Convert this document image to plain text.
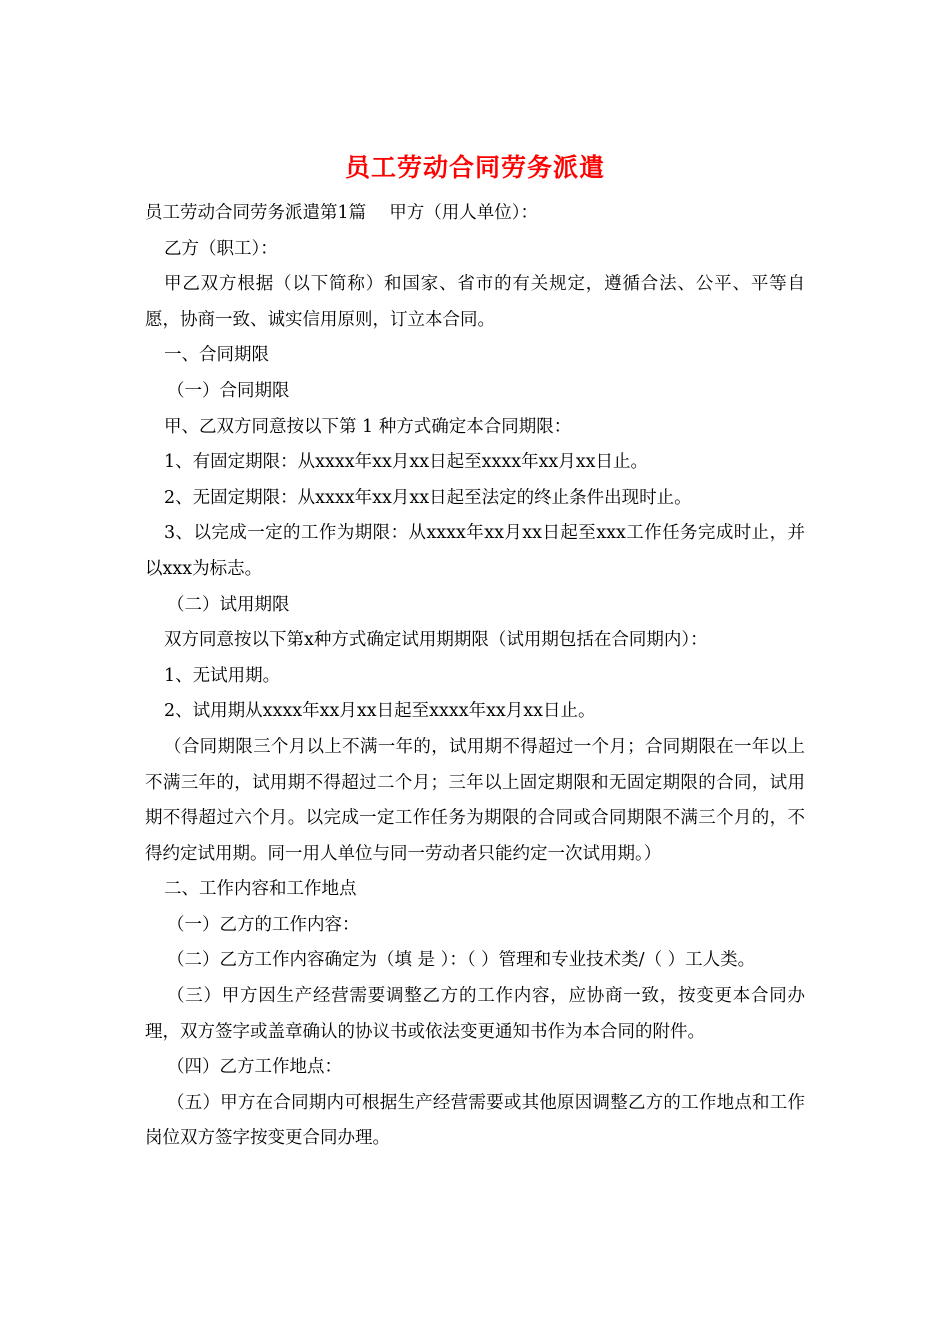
员工劳动合同劳务派遣

员工劳动合同劳务派遣第1篇　 甲方（用人单位）：

乙方（职工）：

甲乙双方根据（以下简称）和国家、省市的有关规定，遵循合法、公平、平等自愿，协商一致、诚实信用原则，订立本合同。

一、合同期限

（一）合同期限

甲、乙双方同意按以下第 1 种方式确定本合同期限：

1、有固定期限：从xxxx年xx月xx日起至xxxx年xx月xx日止。

2、无固定期限：从xxxx年xx月xx日起至法定的终止条件出现时止。

3、以完成一定的工作为期限：从xxxx年xx月xx日起至xxx工作任务完成时止，并以xxx为标志。

（二）试用期限

双方同意按以下第x种方式确定试用期期限（试用期包括在合同期内）：

1、无试用期。

2、试用期从xxxx年xx月xx日起至xxxx年xx月xx日止。

（合同期限三个月以上不满一年的，试用期不得超过一个月；合同期限在一年以上不满三年的，试用期不得超过二个月；三年以上固定期限和无固定期限的合同，试用期不得超过六个月。以完成一定工作任务为期限的合同或合同期限不满三个月的，不得约定试用期。同一用人单位与同一劳动者只能约定一次试用期。）

二、工作内容和工作地点

（一）乙方的工作内容：

（二）乙方工作内容确定为（填 是 ）：（ ）管理和专业技术类/（ ）工人类。

（三）甲方因生产经营需要调整乙方的工作内容，应协商一致，按变更本合同办理，双方签字或盖章确认的协议书或依法变更通知书作为本合同的附件。

（四）乙方工作地点：

（五）甲方在合同期内可根据生产经营需要或其他原因调整乙方的工作地点和工作岗位双方签字按变更合同办理。
